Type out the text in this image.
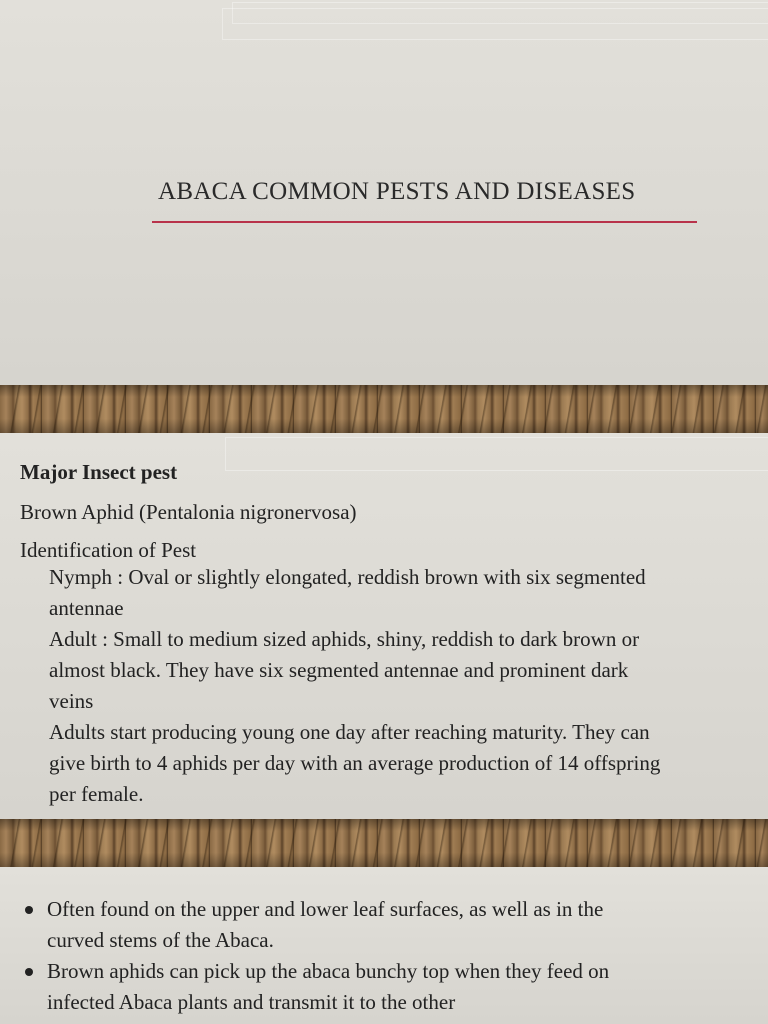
ABACA COMMON PESTS AND DISEASES
Major Insect pest
Brown Aphid (Pentalonia nigronervosa)
Identification of Pest

Nymph : Oval or slightly elongated, reddish brown with six segmented antennae

Adult : Small to medium sized aphids, shiny, reddish to dark brown or almost black. They have six segmented antennae and prominent dark veins

Adults start producing young one day after reaching maturity. They can give birth to 4 aphids per day with an average production of 14 offspring per female.

Often found on the upper and lower leaf surfaces, as well as in the curved stems of the Abaca.
Brown aphids can pick up the abaca bunchy top when they feed on infected Abaca plants and transmit it to the other
